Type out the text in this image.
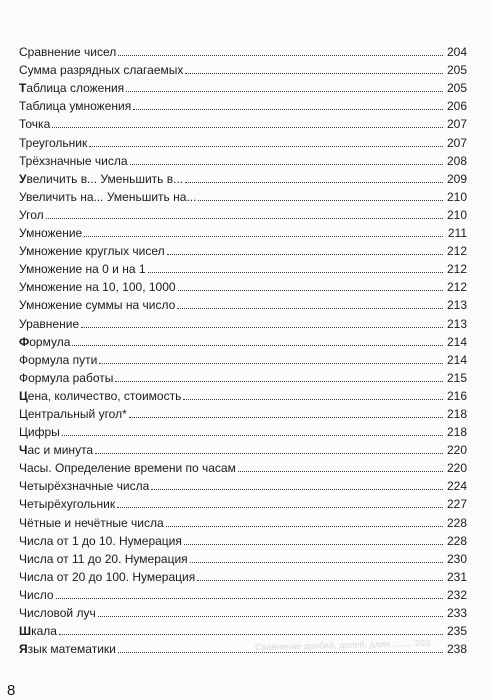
Сравнение дробей, долей, длин ........ 203
Сравнение чисел	204
Сумма разрядных слагаемых	205
Таблица сложения	205
Таблица умножения	206
Точка	207
Треугольник	207
Трёхзначные числа	208
Увеличить в... Уменьшить в...	209
Увеличить на... Уменьшить на...	210
Угол	210
Умножение	211
Умножение круглых чисел	212
Умножение на 0 и на 1	212
Умножение на 10, 100, 1000	212
Умножение суммы на число	213
Уравнение	213
Формула	214
Формула пути	214
Формула работы	215
Цена, количество, стоимость	216
Центральный угол*	218
Цифры	218
Час и минута	220
Часы. Определение времени по часам	220
Четырёхзначные числа	224
Четырёхугольник	227
Чётные и нечётные числа	228
Числа от 1 до 10. Нумерация	228
Числа от 11 до 20. Нумерация	230
Числа от 20 до 100. Нумерация	231
Число	232
Числовой луч	233
Шкала	235
Язык математики	238
8
